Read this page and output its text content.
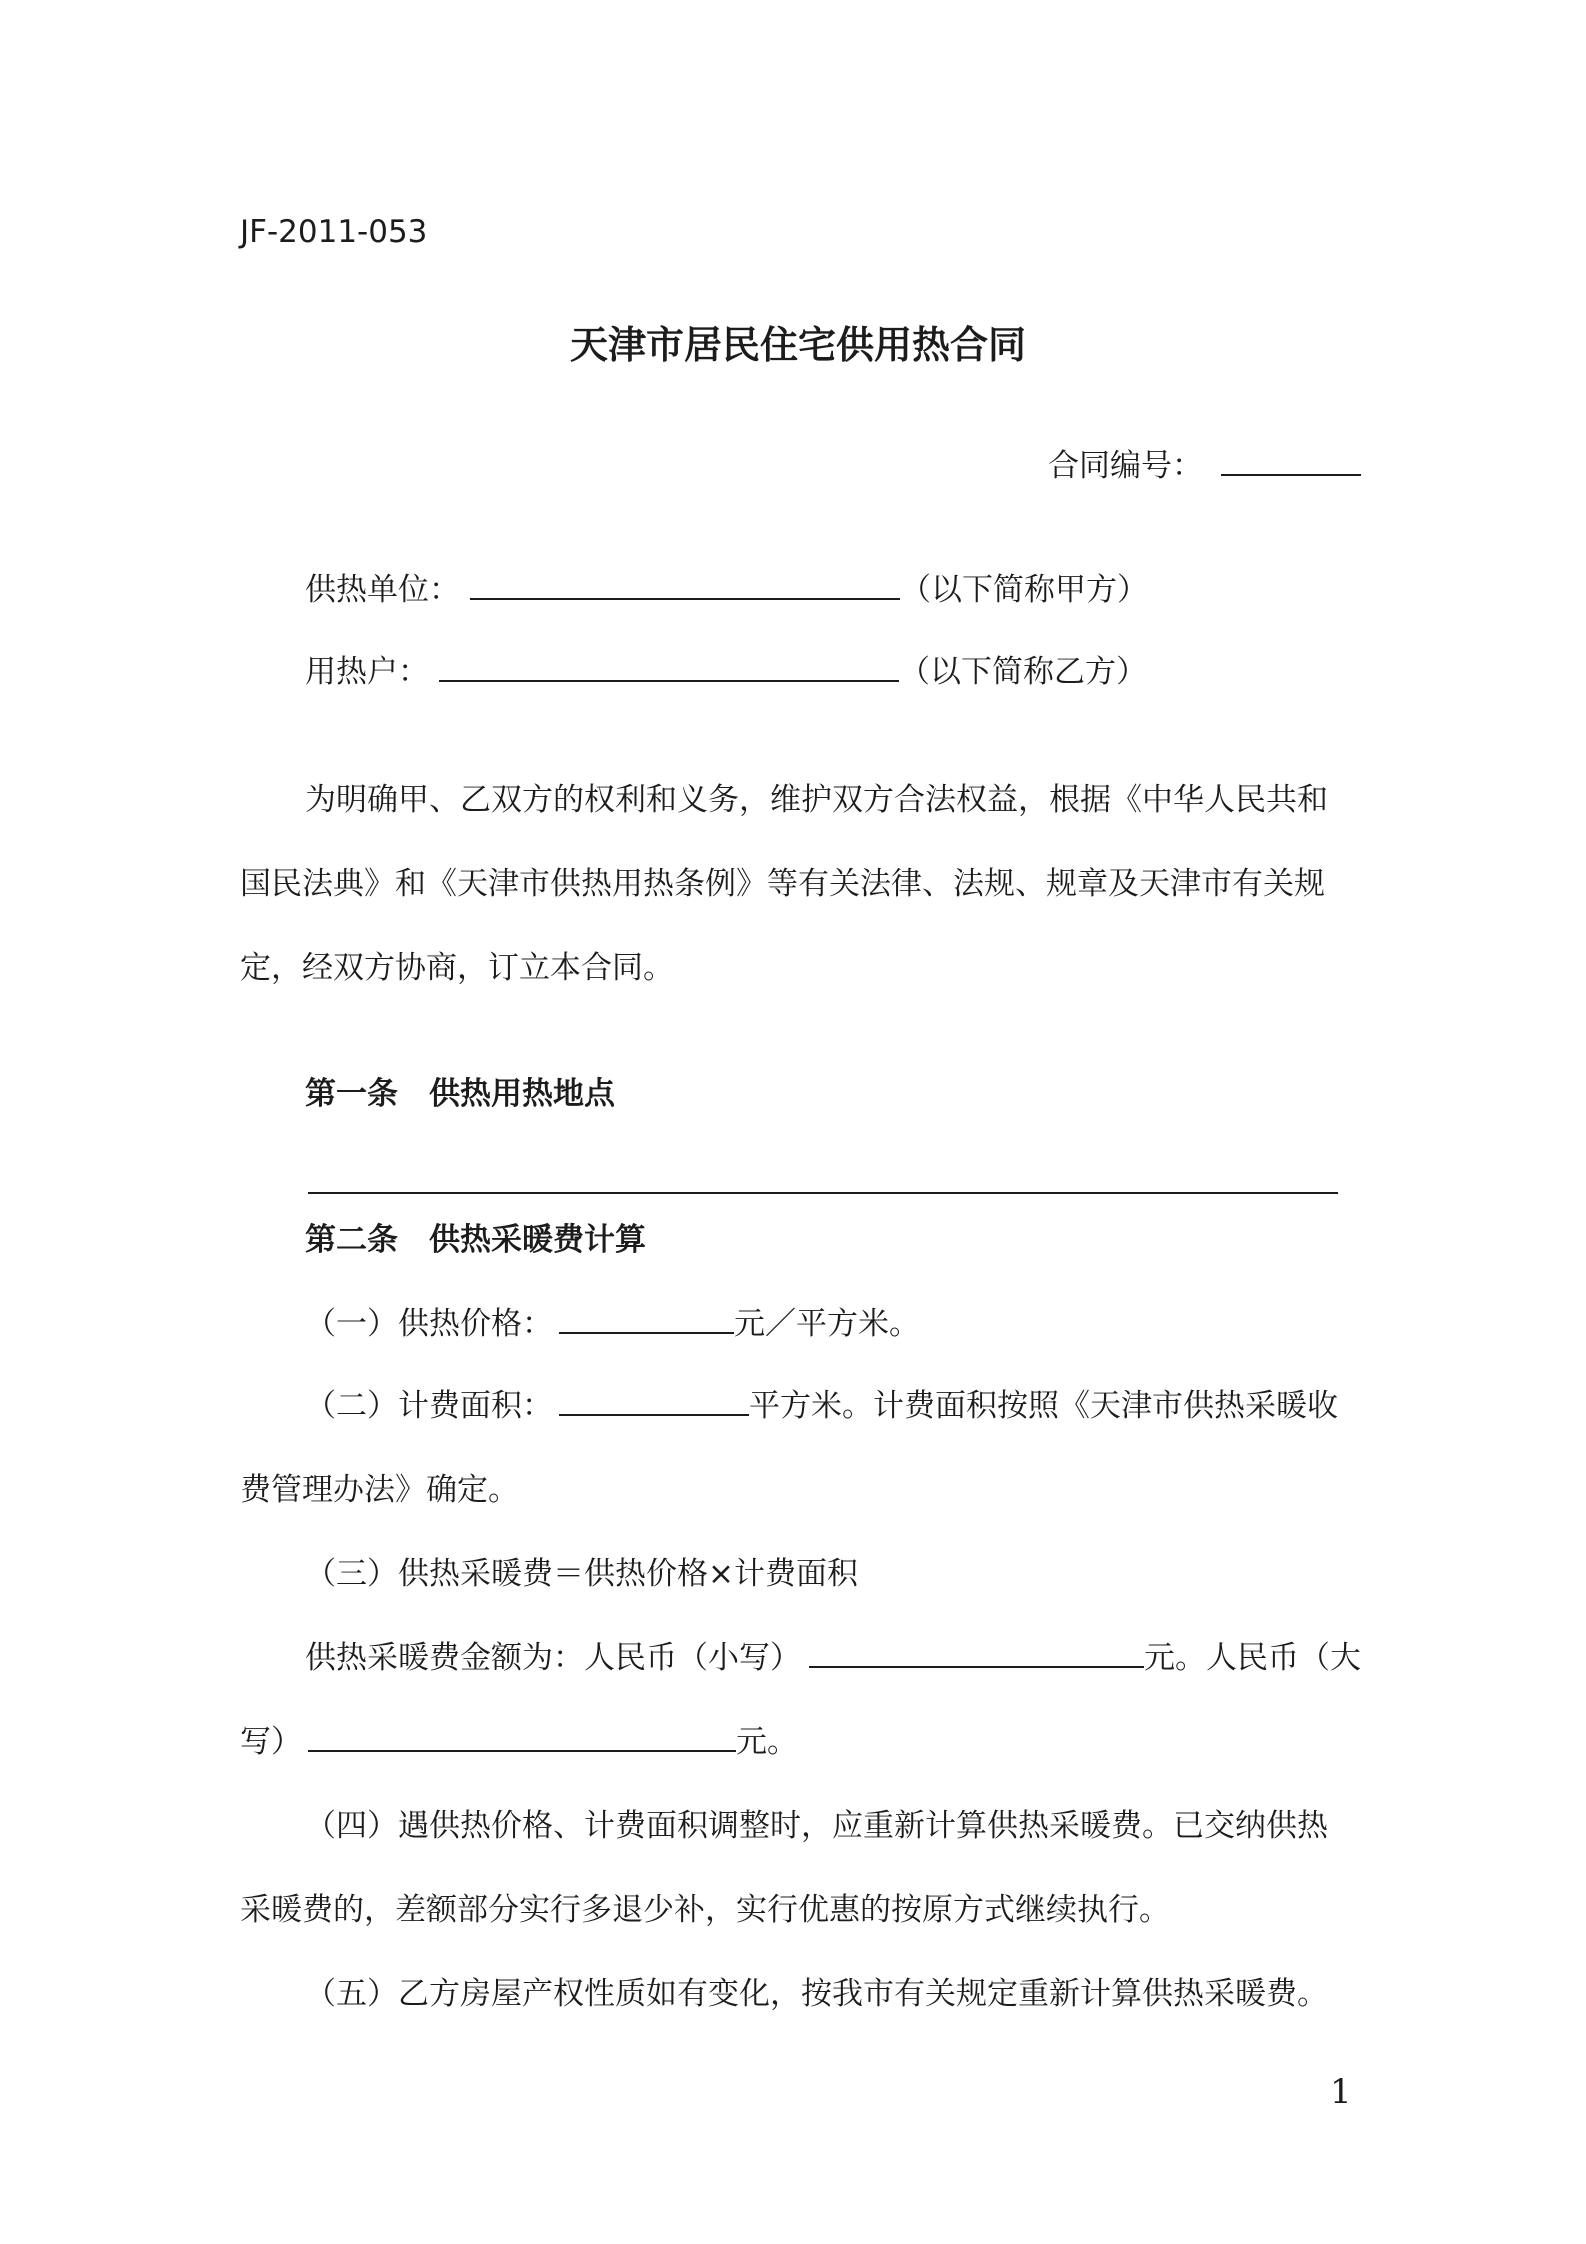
JF-2011-053
天津市居民住宅供用热合同
合同编号：
供热单位：	（以下简称甲方）
用热户：	（以下简称乙方）
为明确甲、乙双方的权利和义务，维护双方合法权益，根据《中华人民共和
国民法典》和《天津市供热用热条例》等有关法律、法规、规章及天津市有关规
定，经双方协商，订立本合同。
第一条　供热用热地点
第二条　供热采暖费计算
（一）供热价格：	元／平方米。
（二）计费面积：	平方米。计费面积按照《天津市供热采暖收
费管理办法》确定。
（三）供热采暖费＝供热价格×计费面积
供热采暖费金额为：人民币（小写）	元。人民币（大
写）	元。
（四）遇供热价格、计费面积调整时，应重新计算供热采暖费。已交纳供热
采暖费的，差额部分实行多退少补，实行优惠的按原方式继续执行。
（五）乙方房屋产权性质如有变化，按我市有关规定重新计算供热采暖费。
1
